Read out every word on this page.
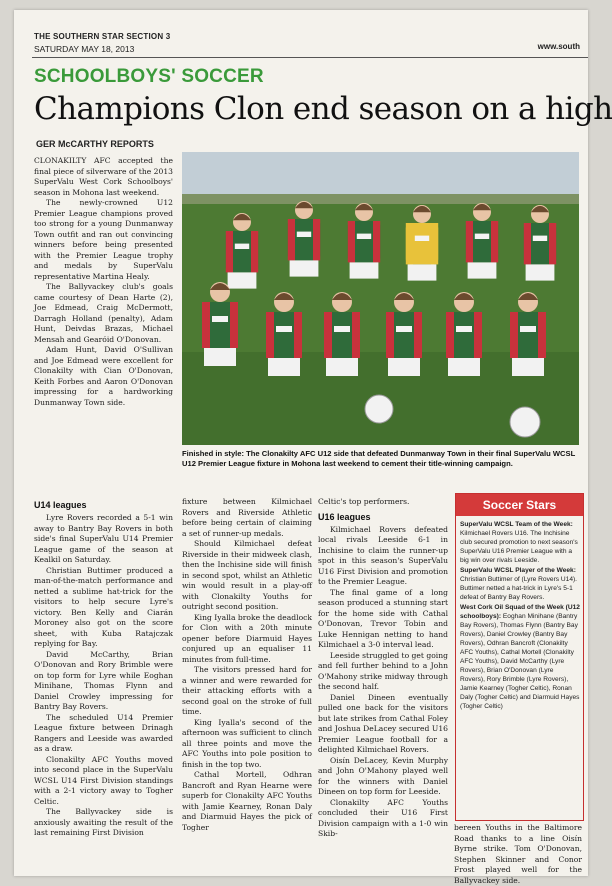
THE SOUTHERN STAR SECTION 3
SATURDAY MAY 18, 2013	www.south
SCHOOLBOYS' SOCCER
Champions Clon end season on a high
GER McCARTHY REPORTS

CLONAKILTY AFC accepted the final piece of silverware of the 2013 SuperValu West Cork Schoolboys' season in Mohona last weekend.

The newly-crowned U12 Premier League champions proved too strong for a young Dunmanway Town outfit and ran out convincing winners before being presented with the Premier League trophy and medals by SuperValu representative Martina Healy.

The Ballyvackey club's goals came courtesy of Dean Harte (2), Joe Edmead, Craig McDermott, Darragh Holland (penalty), Adam Hunt, Deivdas Brazas, Michael Mensah and Gearóid O'Donovan.

Adam Hunt, David O'Sullivan and Joe Edmead were excellent for Clonakilty with Cian O'Donovan, Keith Forbes and Aaron O'Donovan impressing for a hardworking Dunmanway Town side.

U14 leagues

Lyre Rovers recorded a 5-1 win away to Bantry Bay Rovers in both side's final SuperValu U14 Premier League game of the season at Kealkil on Saturday.

Christian Buttimer produced a man-of-the-match performance and netted a sublime hat-trick for the visitors to help secure Lyre's victory. Ben Kelly and Ciarán Moroney also got on the score sheet, with Kuba Ratajczak replying for Bay.

David McCarthy, Brian O'Donovan and Rory Brimble were on top form for Lyre while Eoghan Minihane, Thomas Flynn and Daniel Crowley impressing for Bantry Bay Rovers.

The scheduled U14 Premier League fixture between Drinagh Rangers and Leeside was awarded as a draw.

Clonakilty AFC Youths moved into second place in the SuperValu WCSL U14 First Division standings with a 2-1 victory away to Togher Celtic.

The Ballyvackey side is anxiously awaiting the result of the last remaining First Division

Finished in style: The Clonakilty AFC U12 side that defeated Dunmanway Town in their final SuperValu WCSL U12 Premier League fixture in Mohona last weekend to cement their title-winning campaign.

fixture between Kilmichael Rovers and Riverside Athletic before being certain of claiming a set of runner-up medals.

Should Kilmichael defeat Riverside in their midweek clash, then the Inchisine side will finish in second spot, whilst an Athletic win would result in a play-off with Clonakilty Youths for outright second position.

King Iyalla broke the deadlock for Clon with a 20th minute opener before Diarmuid Hayes conjured up an equaliser 11 minutes from full-time.

The visitors pressed hard for a winner and were rewarded for their attacking efforts with a second goal on the stroke of full time.

King Iyalla's second of the afternoon was sufficient to clinch all three points and move the AFC Youths into pole position to finish in the top two.

Cathal Mortell, Odhran Bancroft and Ryan Hearne were superb for Clonakilty AFC Youths with Jamie Kearney, Ronan Daly and Diarmuid Hayes the pick of Togher

Celtic's top performers.

U16 leagues

Kilmichael Rovers defeated local rivals Leeside 6-1 in Inchisine to claim the runner-up spot in this season's SuperValu U16 First Division and promotion to the Premier League.

The final game of a long season produced a stunning start for the home side with Cathal O'Donovan, Trevor Tobin and Luke Hennigan netting to hand Kilmichael a 3-0 interval lead.

Leeside struggled to get going and fell further behind to a John O'Mahony strike midway through the second half.

Daniel Dineen eventually pulled one back for the visitors but late strikes from Cathal Foley and Joshua DeLacey secured U16 Premier League football for a delighted Kilmichael Rovers.

Oisín DeLacey, Kevin Murphy and John O'Mahony played well for the winners with Daniel Dineen on top form for Leeside.

Clonakilty AFC Youths concluded their U16 First Division campaign with a 1-0 win Skib-

Soccer Stars

SuperValu WCSL Team of the Week: Kilmichael Rovers U16. The Inchisine club secured promotion to next season's SuperValu U16 Premier League with a big win over rivals Leeside.

SuperValu WCSL Player of the Week: Christian Buttimer of (Lyre Rovers U14). Buttimer netted a hat-trick in Lyre's 5-1 defeat of Bantry Bay Rovers.

West Cork Oil Squad of the Week (U12 schoolboys): Eoghan Minihane (Bantry Bay Rovers), Thomas Flynn (Bantry Bay Rovers), Daniel Crowley (Bantry Bay Rovers), Odhran Bancroft (Clonakilty AFC Youths), Cathal Mortell (Clonakilty AFC Youths), David McCarthy (Lyre Rovers), Brian O'Donovan (Lyre Rovers), Rory Brimble (Lyre Rovers), Jamie Kearney (Togher Celtic), Ronan Daly (Togher Celtic) and Diarmuid Hayes (Togher Celtic)

bereen Youths in the Baltimore Road thanks to a line Oisín Byrne strike. Tom O'Donovan, Stephen Skinner and Conor Frost played well for the Ballyvackey side.
